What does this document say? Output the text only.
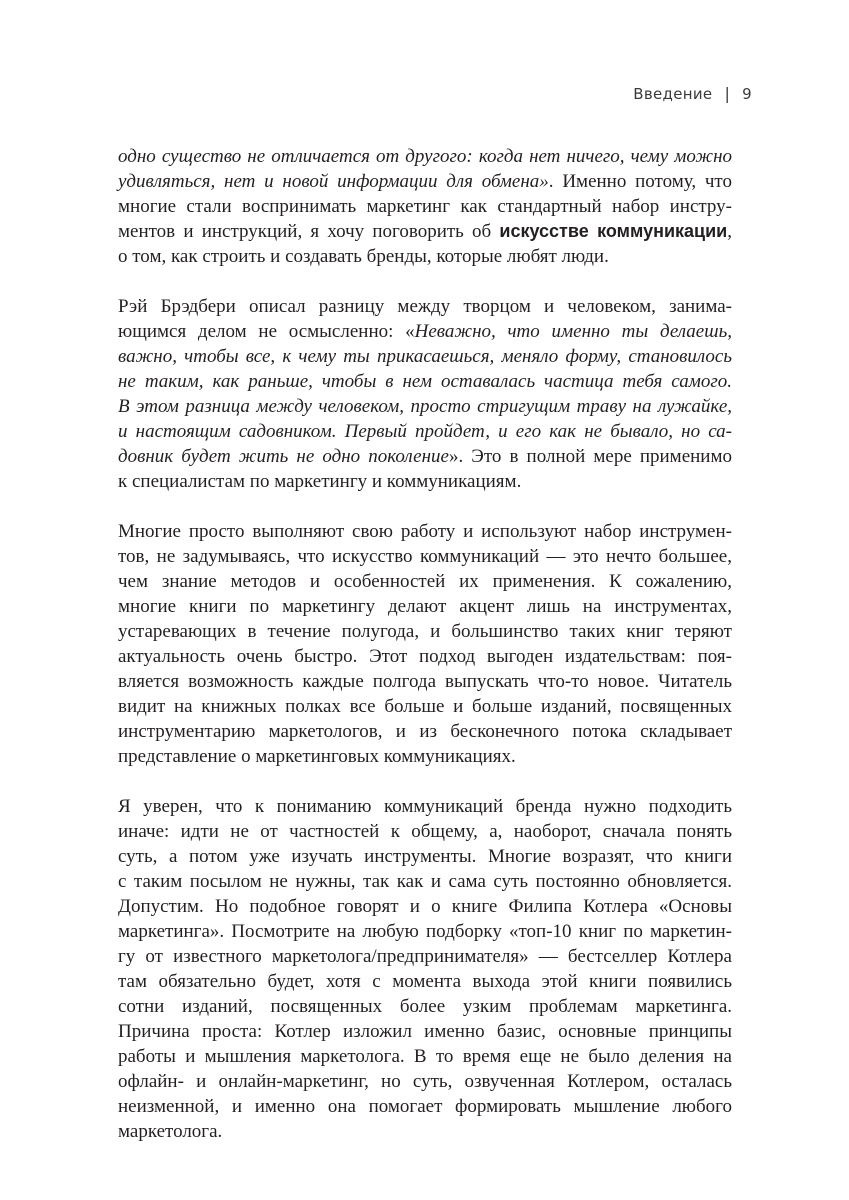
Введение | 9

одно существо не отличается от другого: когда нет ничего, чему можно
удивляться, нет и новой информации для обмена». Именно потому, что
многие стали воспринимать маркетинг как стандартный набор инстру-
ментов и инструкций, я хочу поговорить об искусстве коммуникации,
о том, как строить и создавать бренды, которые любят люди.

Рэй Брэдбери описал разницу между творцом и человеком, занима-
ющимся делом не осмысленно: «Неважно, что именно ты делаешь,
важно, чтобы все, к чему ты прикасаешься, меняло форму, становилось
не таким, как раньше, чтобы в нем оставалась частица тебя самого.
В этом разница между человеком, просто стригущим траву на лужайке,
и настоящим садовником. Первый пройдет, и его как не бывало, но са-
довник будет жить не одно поколение». Это в полной мере применимо
к специалистам по маркетингу и коммуникациям.

Многие просто выполняют свою работу и используют набор инструмен-
тов, не задумываясь, что искусство коммуникаций — это нечто большее,
чем знание методов и особенностей их применения. К сожалению,
многие книги по маркетингу делают акцент лишь на инструментах,
устаревающих в течение полугода, и большинство таких книг теряют
актуальность очень быстро. Этот подход выгоден издательствам: поя-
вляется возможность каждые полгода выпускать что-то новое. Читатель
видит на книжных полках все больше и больше изданий, посвященных
инструментарию маркетологов, и из бесконечного потока складывает
представление о маркетинговых коммуникациях.

Я уверен, что к пониманию коммуникаций бренда нужно подходить
иначе: идти не от частностей к общему, а, наоборот, сначала понять
суть, а потом уже изучать инструменты. Многие возразят, что книги
с таким посылом не нужны, так как и сама суть постоянно обновляется.
Допустим. Но подобное говорят и о книге Филипа Котлера «Основы
маркетинга». Посмотрите на любую подборку «топ-10 книг по маркетин-
гу от известного маркетолога/предпринимателя» — бестселлер Котлера
там обязательно будет, хотя с момента выхода этой книги появились
сотни изданий, посвященных более узким проблемам маркетинга.
Причина проста: Котлер изложил именно базис, основные принципы
работы и мышления маркетолога. В то время еще не было деления на
офлайн- и онлайн-маркетинг, но суть, озвученная Котлером, осталась
неизменной, и именно она помогает формировать мышление любого
маркетолога.
